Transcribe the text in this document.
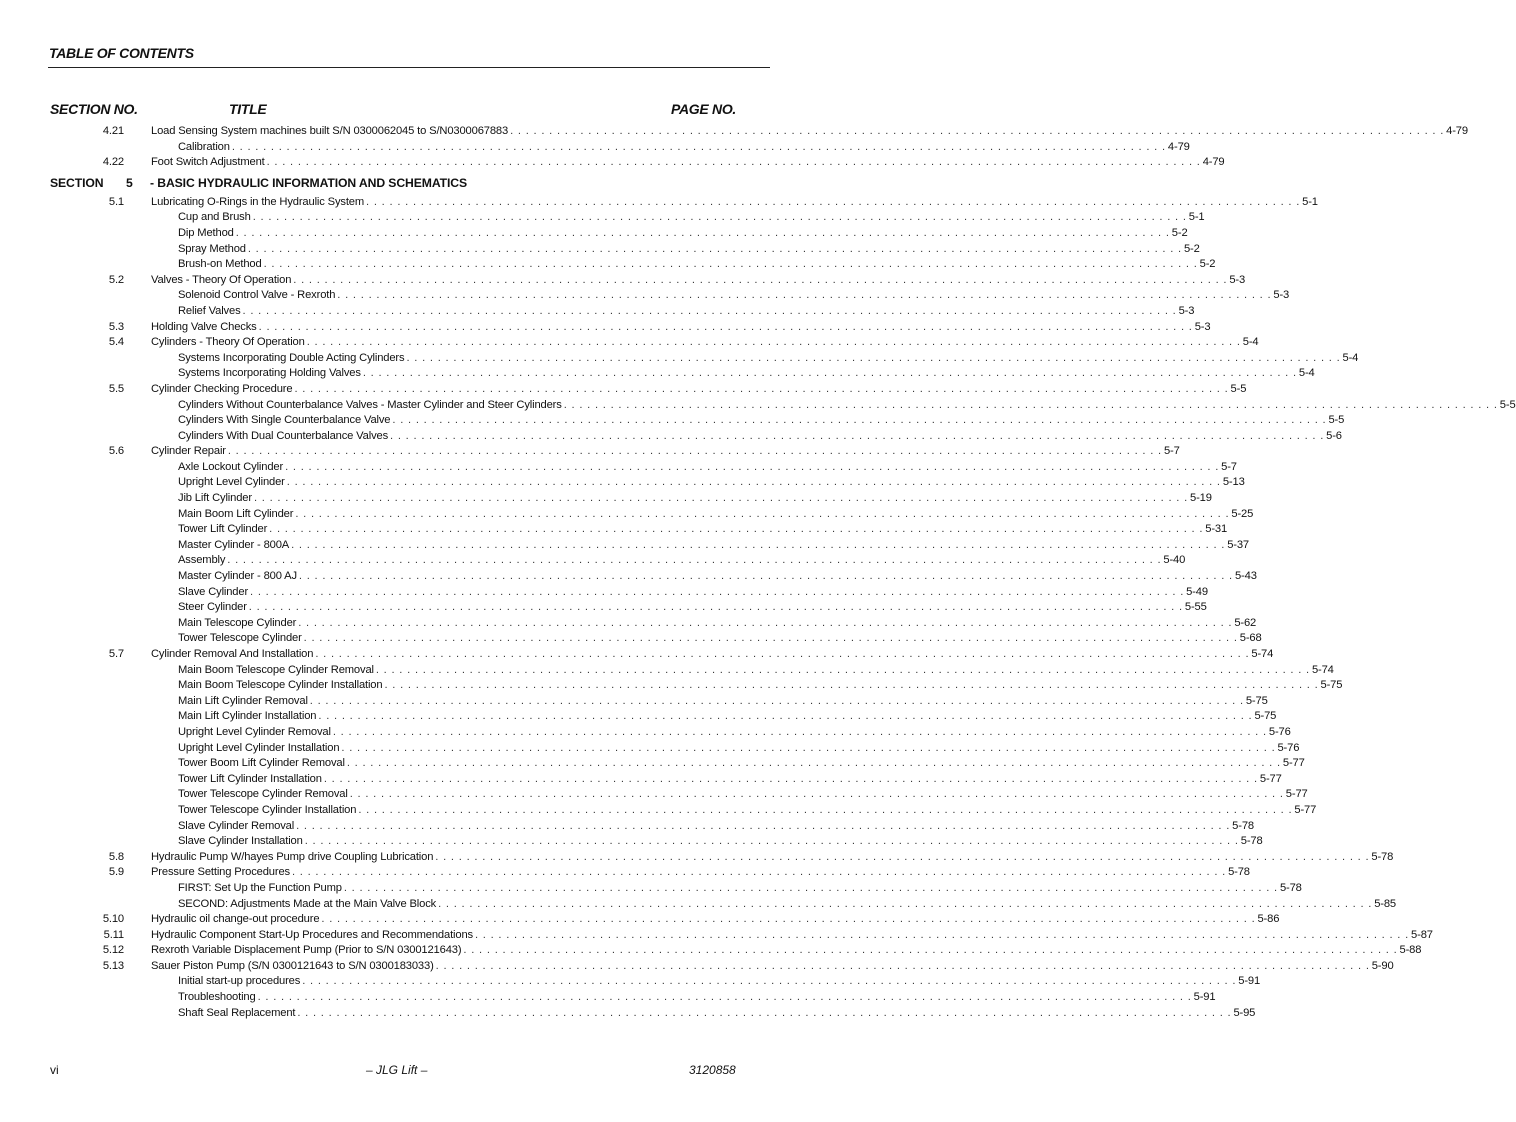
TABLE OF CONTENTS
SECTION NO.	TITLE	PAGE NO.
4.21 Load Sensing System machines built S/N 0300062045 to S/N0300067883 . . . . . . . . . . . . . . . . . . . . . . . . . . . . . . . . . . . . . . . . . . . . . . . . . . . . . . . . . . . . . . . . . . . . . . . . . . . . . . . . . . . . . . . . . . . . . . . . . . . . . . . . . . . . . . . . . . . . . . . . 4-79
Calibration . . . . . . . . . . . . . . . . . . . . . . . . . . . . . . . . . . . . . . . . . . . . . . . . . . . . . . . . . . . . . . . . . . . . . . . . . . . . . . . . . . . . . . . . . . . . . . . . . . . . . . . . . . . . . . . . . . . . . . . . 4-79
4.22 Foot Switch Adjustment . . . . . . . . . . . . . . . . . . . . . . . . . . . . . . . . . . . . . . . . . . . . . . . . . . . . . . . . . . . . . . . . . . . . . . . . . . . . . . . . . . . . . . . . . . . . . . . . . . . . . . . . . . . . . . . . . . . . . . . . 4-79
SECTION 5 - BASIC HYDRAULIC INFORMATION AND SCHEMATICS
5.1 Lubricating O-Rings in the Hydraulic System . . . . . . . . . . . . . . . . . . . . . . . . . . . . . . . . . . . . . . . . . . . . . . . . . . . . . . . . . . . . . . . . . . . . . . . . . . . . . . . . . . . . . . . . . . . . . . . . . . . . . . . . . . . . . . . . . . . . . . . . 5-1
Cup and Brush . . . . . . . . . . . . . . . . . . . . . . . . . . . . . . . . . . . . . . . . . . . . . . . . . . . . . . . . . . . . . . . . . . . . . . . . . . . . . . . . . . . . . . . . . . . . . . . . . . . . . . . . . . . . . . . . . . . . . . . . 5-1
Dip Method . . . . . . . . . . . . . . . . . . . . . . . . . . . . . . . . . . . . . . . . . . . . . . . . . . . . . . . . . . . . . . . . . . . . . . . . . . . . . . . . . . . . . . . . . . . . . . . . . . . . . . . . . . . . . . . . . . . . . . . . 5-2
Spray Method . . . . . . . . . . . . . . . . . . . . . . . . . . . . . . . . . . . . . . . . . . . . . . . . . . . . . . . . . . . . . . . . . . . . . . . . . . . . . . . . . . . . . . . . . . . . . . . . . . . . . . . . . . . . . . . . . . . . . . . . 5-2
Brush-on Method . . . . . . . . . . . . . . . . . . . . . . . . . . . . . . . . . . . . . . . . . . . . . . . . . . . . . . . . . . . . . . . . . . . . . . . . . . . . . . . . . . . . . . . . . . . . . . . . . . . . . . . . . . . . . . . . . . . . . . . . 5-2
5.2 Valves - Theory Of Operation . . . . . . . . . . . . . . . . . . . . . . . . . . . . . . . . . . . . . . . . . . . . . . . . . . . . . . . . . . . . . . . . . . . . . . . . . . . . . . . . . . . . . . . . . . . . . . . . . . . . . . . . . . . . . . . . . . . . . . . . 5-3
Solenoid Control Valve - Rexroth . . . . . . . . . . . . . . . . . . . . . . . . . . . . . . . . . . . . . . . . . . . . . . . . . . . . . . . . . . . . . . . . . . . . . . . . . . . . . . . . . . . . . . . . . . . . . . . . . . . . . . . . . . . . . . . . . . . . . . . . 5-3
Relief Valves . . . . . . . . . . . . . . . . . . . . . . . . . . . . . . . . . . . . . . . . . . . . . . . . . . . . . . . . . . . . . . . . . . . . . . . . . . . . . . . . . . . . . . . . . . . . . . . . . . . . . . . . . . . . . . . . . . . . . . . . 5-3
5.3 Holding Valve Checks . . . . . . . . . . . . . . . . . . . . . . . . . . . . . . . . . . . . . . . . . . . . . . . . . . . . . . . . . . . . . . . . . . . . . . . . . . . . . . . . . . . . . . . . . . . . . . . . . . . . . . . . . . . . . . . . . . . . . . . . 5-3
5.4 Cylinders - Theory Of Operation . . . . . . . . . . . . . . . . . . . . . . . . . . . . . . . . . . . . . . . . . . . . . . . . . . . . . . . . . . . . . . . . . . . . . . . . . . . . . . . . . . . . . . . . . . . . . . . . . . . . . . . . . . . . . . . . . . . . . . . . 5-4
Systems Incorporating Double Acting Cylinders . . . . . . . . . . . . . . . . . . . . . . . . . . . . . . . . . . . . . . . . . . . . . . . . . . . . . . . . . . . . . . . . . . . . . . . . . . . . . . . . . . . . . . . . . . . . . . . . . . . . . . . . . . . . . . . . . . . . . . . . 5-4
Systems Incorporating Holding Valves . . . . . . . . . . . . . . . . . . . . . . . . . . . . . . . . . . . . . . . . . . . . . . . . . . . . . . . . . . . . . . . . . . . . . . . . . . . . . . . . . . . . . . . . . . . . . . . . . . . . . . . . . . . . . . . . . . . . . . . . 5-4
5.5 Cylinder Checking Procedure . . . . . . . . . . . . . . . . . . . . . . . . . . . . . . . . . . . . . . . . . . . . . . . . . . . . . . . . . . . . . . . . . . . . . . . . . . . . . . . . . . . . . . . . . . . . . . . . . . . . . . . . . . . . . . . . . . . . . . . . 5-5
Cylinders Without Counterbalance Valves - Master Cylinder and Steer Cylinders . . . . . . . . . . . . . . . . . . . . . . . . . . . . . . . . . . . . . . . . . . . . . . . . . . . . . . . . . . . . . . . . . . . . . . . . . . . . . . . . . . . . . . . . . . . . . . . . . . . . . . . . . . . . . . . . . . . . . . . . 5-5
Cylinders With Single Counterbalance Valve . . . . . . . . . . . . . . . . . . . . . . . . . . . . . . . . . . . . . . . . . . . . . . . . . . . . . . . . . . . . . . . . . . . . . . . . . . . . . . . . . . . . . . . . . . . . . . . . . . . . . . . . . . . . . . . . . . . . . . . . 5-5
Cylinders With Dual Counterbalance Valves . . . . . . . . . . . . . . . . . . . . . . . . . . . . . . . . . . . . . . . . . . . . . . . . . . . . . . . . . . . . . . . . . . . . . . . . . . . . . . . . . . . . . . . . . . . . . . . . . . . . . . . . . . . . . . . . . . . . . . . . 5-6
5.6 Cylinder Repair . . . . . . . . . . . . . . . . . . . . . . . . . . . . . . . . . . . . . . . . . . . . . . . . . . . . . . . . . . . . . . . . . . . . . . . . . . . . . . . . . . . . . . . . . . . . . . . . . . . . . . . . . . . . . . . . . . . . . . . . 5-7
Axle Lockout Cylinder . . . . . . . . . . . . . . . . . . . . . . . . . . . . . . . . . . . . . . . . . . . . . . . . . . . . . . . . . . . . . . . . . . . . . . . . . . . . . . . . . . . . . . . . . . . . . . . . . . . . . . . . . . . . . . . . . . . . . . . . 5-7
Upright Level Cylinder . . . . . . . . . . . . . . . . . . . . . . . . . . . . . . . . . . . . . . . . . . . . . . . . . . . . . . . . . . . . . . . . . . . . . . . . . . . . . . . . . . . . . . . . . . . . . . . . . . . . . . . . . . . . . . . . . . . . . . . . 5-13
Jib Lift Cylinder . . . . . . . . . . . . . . . . . . . . . . . . . . . . . . . . . . . . . . . . . . . . . . . . . . . . . . . . . . . . . . . . . . . . . . . . . . . . . . . . . . . . . . . . . . . . . . . . . . . . . . . . . . . . . . . . . . . . . . . . 5-19
Main Boom Lift Cylinder . . . . . . . . . . . . . . . . . . . . . . . . . . . . . . . . . . . . . . . . . . . . . . . . . . . . . . . . . . . . . . . . . . . . . . . . . . . . . . . . . . . . . . . . . . . . . . . . . . . . . . . . . . . . . . . . . . . . . . . . 5-25
Tower Lift Cylinder . . . . . . . . . . . . . . . . . . . . . . . . . . . . . . . . . . . . . . . . . . . . . . . . . . . . . . . . . . . . . . . . . . . . . . . . . . . . . . . . . . . . . . . . . . . . . . . . . . . . . . . . . . . . . . . . . . . . . . . . 5-31
Master Cylinder - 800A . . . . . . . . . . . . . . . . . . . . . . . . . . . . . . . . . . . . . . . . . . . . . . . . . . . . . . . . . . . . . . . . . . . . . . . . . . . . . . . . . . . . . . . . . . . . . . . . . . . . . . . . . . . . . . . . . . . . . . . . 5-37
Assembly . . . . . . . . . . . . . . . . . . . . . . . . . . . . . . . . . . . . . . . . . . . . . . . . . . . . . . . . . . . . . . . . . . . . . . . . . . . . . . . . . . . . . . . . . . . . . . . . . . . . . . . . . . . . . . . . . . . . . . . . 5-40
Master Cylinder - 800 AJ . . . . . . . . . . . . . . . . . . . . . . . . . . . . . . . . . . . . . . . . . . . . . . . . . . . . . . . . . . . . . . . . . . . . . . . . . . . . . . . . . . . . . . . . . . . . . . . . . . . . . . . . . . . . . . . . . . . . . . . . 5-43
Slave Cylinder . . . . . . . . . . . . . . . . . . . . . . . . . . . . . . . . . . . . . . . . . . . . . . . . . . . . . . . . . . . . . . . . . . . . . . . . . . . . . . . . . . . . . . . . . . . . . . . . . . . . . . . . . . . . . . . . . . . . . . . . 5-49
Steer Cylinder . . . . . . . . . . . . . . . . . . . . . . . . . . . . . . . . . . . . . . . . . . . . . . . . . . . . . . . . . . . . . . . . . . . . . . . . . . . . . . . . . . . . . . . . . . . . . . . . . . . . . . . . . . . . . . . . . . . . . . . . 5-55
Main Telescope Cylinder . . . . . . . . . . . . . . . . . . . . . . . . . . . . . . . . . . . . . . . . . . . . . . . . . . . . . . . . . . . . . . . . . . . . . . . . . . . . . . . . . . . . . . . . . . . . . . . . . . . . . . . . . . . . . . . . . . . . . . . . 5-62
Tower Telescope Cylinder . . . . . . . . . . . . . . . . . . . . . . . . . . . . . . . . . . . . . . . . . . . . . . . . . . . . . . . . . . . . . . . . . . . . . . . . . . . . . . . . . . . . . . . . . . . . . . . . . . . . . . . . . . . . . . . . . . . . . . . . 5-68
5.7 Cylinder Removal And Installation . . . . . . . . . . . . . . . . . . . . . . . . . . . . . . . . . . . . . . . . . . . . . . . . . . . . . . . . . . . . . . . . . . . . . . . . . . . . . . . . . . . . . . . . . . . . . . . . . . . . . . . . . . . . . . . . . . . . . . . . 5-74
Main Boom Telescope Cylinder Removal . . . . . . . . . . . . . . . . . . . . . . . . . . . . . . . . . . . . . . . . . . . . . . . . . . . . . . . . . . . . . . . . . . . . . . . . . . . . . . . . . . . . . . . . . . . . . . . . . . . . . . . . . . . . . . . . . . . . . . . . 5-74
Main Boom Telescope Cylinder Installation . . . . . . . . . . . . . . . . . . . . . . . . . . . . . . . . . . . . . . . . . . . . . . . . . . . . . . . . . . . . . . . . . . . . . . . . . . . . . . . . . . . . . . . . . . . . . . . . . . . . . . . . . . . . . . . . . . . . . . . . 5-75
Main Lift Cylinder Removal . . . . . . . . . . . . . . . . . . . . . . . . . . . . . . . . . . . . . . . . . . . . . . . . . . . . . . . . . . . . . . . . . . . . . . . . . . . . . . . . . . . . . . . . . . . . . . . . . . . . . . . . . . . . . . . . . . . . . . . . 5-75
Main Lift Cylinder Installation . . . . . . . . . . . . . . . . . . . . . . . . . . . . . . . . . . . . . . . . . . . . . . . . . . . . . . . . . . . . . . . . . . . . . . . . . . . . . . . . . . . . . . . . . . . . . . . . . . . . . . . . . . . . . . . . . . . . . . . . 5-75
Upright Level Cylinder Removal . . . . . . . . . . . . . . . . . . . . . . . . . . . . . . . . . . . . . . . . . . . . . . . . . . . . . . . . . . . . . . . . . . . . . . . . . . . . . . . . . . . . . . . . . . . . . . . . . . . . . . . . . . . . . . . . . . . . . . . . 5-76
Upright Level Cylinder Installation . . . . . . . . . . . . . . . . . . . . . . . . . . . . . . . . . . . . . . . . . . . . . . . . . . . . . . . . . . . . . . . . . . . . . . . . . . . . . . . . . . . . . . . . . . . . . . . . . . . . . . . . . . . . . . . . . . . . . . . . 5-76
Tower Boom Lift Cylinder Removal . . . . . . . . . . . . . . . . . . . . . . . . . . . . . . . . . . . . . . . . . . . . . . . . . . . . . . . . . . . . . . . . . . . . . . . . . . . . . . . . . . . . . . . . . . . . . . . . . . . . . . . . . . . . . . . . . . . . . . . . 5-77
Tower Lift Cylinder Installation . . . . . . . . . . . . . . . . . . . . . . . . . . . . . . . . . . . . . . . . . . . . . . . . . . . . . . . . . . . . . . . . . . . . . . . . . . . . . . . . . . . . . . . . . . . . . . . . . . . . . . . . . . . . . . . . . . . . . . . . 5-77
Tower Telescope Cylinder Removal . . . . . . . . . . . . . . . . . . . . . . . . . . . . . . . . . . . . . . . . . . . . . . . . . . . . . . . . . . . . . . . . . . . . . . . . . . . . . . . . . . . . . . . . . . . . . . . . . . . . . . . . . . . . . . . . . . . . . . . . 5-77
Tower Telescope Cylinder Installation . . . . . . . . . . . . . . . . . . . . . . . . . . . . . . . . . . . . . . . . . . . . . . . . . . . . . . . . . . . . . . . . . . . . . . . . . . . . . . . . . . . . . . . . . . . . . . . . . . . . . . . . . . . . . . . . . . . . . . . . 5-77
Slave Cylinder Removal . . . . . . . . . . . . . . . . . . . . . . . . . . . . . . . . . . . . . . . . . . . . . . . . . . . . . . . . . . . . . . . . . . . . . . . . . . . . . . . . . . . . . . . . . . . . . . . . . . . . . . . . . . . . . . . . . . . . . . . . 5-78
Slave Cylinder Installation . . . . . . . . . . . . . . . . . . . . . . . . . . . . . . . . . . . . . . . . . . . . . . . . . . . . . . . . . . . . . . . . . . . . . . . . . . . . . . . . . . . . . . . . . . . . . . . . . . . . . . . . . . . . . . . . . . . . . . . . 5-78
5.8 Hydraulic Pump W/hayes Pump drive Coupling Lubrication . . . . . . . . . . . . . . . . . . . . . . . . . . . . . . . . . . . . . . . . . . . . . . . . . . . . . . . . . . . . . . . . . . . . . . . . . . . . . . . . . . . . . . . . . . . . . . . . . . . . . . . . . . . . . . . . . . . . . . . . 5-78
5.9 Pressure Setting Procedures . . . . . . . . . . . . . . . . . . . . . . . . . . . . . . . . . . . . . . . . . . . . . . . . . . . . . . . . . . . . . . . . . . . . . . . . . . . . . . . . . . . . . . . . . . . . . . . . . . . . . . . . . . . . . . . . . . . . . . . . 5-78
FIRST: Set Up the Function Pump . . . . . . . . . . . . . . . . . . . . . . . . . . . . . . . . . . . . . . . . . . . . . . . . . . . . . . . . . . . . . . . . . . . . . . . . . . . . . . . . . . . . . . . . . . . . . . . . . . . . . . . . . . . . . . . . . . . . . . . . 5-78
SECOND: Adjustments Made at the Main Valve Block . . . . . . . . . . . . . . . . . . . . . . . . . . . . . . . . . . . . . . . . . . . . . . . . . . . . . . . . . . . . . . . . . . . . . . . . . . . . . . . . . . . . . . . . . . . . . . . . . . . . . . . . . . . . . . . . . . . . . . . . 5-85
5.10 Hydraulic oil change-out procedure . . . . . . . . . . . . . . . . . . . . . . . . . . . . . . . . . . . . . . . . . . . . . . . . . . . . . . . . . . . . . . . . . . . . . . . . . . . . . . . . . . . . . . . . . . . . . . . . . . . . . . . . . . . . . . . . . . . . . . . . 5-86
5.11 Hydraulic Component Start-Up Procedures and Recommendations . . . . . . . . . . . . . . . . . . . . . . . . . . . . . . . . . . . . . . . . . . . . . . . . . . . . . . . . . . . . . . . . . . . . . . . . . . . . . . . . . . . . . . . . . . . . . . . . . . . . . . . . . . . . . . . . . . . . . . . . 5-87
5.12 Rexroth Variable Displacement Pump (Prior to S/N 0300121643) . . . . . . . . . . . . . . . . . . . . . . . . . . . . . . . . . . . . . . . . . . . . . . . . . . . . . . . . . . . . . . . . . . . . . . . . . . . . . . . . . . . . . . . . . . . . . . . . . . . . . . . . . . . . . . . . . . . . . . . . 5-88
5.13 Sauer Piston Pump (S/N 0300121643 to S/N 0300183033) . . . . . . . . . . . . . . . . . . . . . . . . . . . . . . . . . . . . . . . . . . . . . . . . . . . . . . . . . . . . . . . . . . . . . . . . . . . . . . . . . . . . . . . . . . . . . . . . . . . . . . . . . . . . . . . . . . . . . . . . 5-90
Initial start-up procedures . . . . . . . . . . . . . . . . . . . . . . . . . . . . . . . . . . . . . . . . . . . . . . . . . . . . . . . . . . . . . . . . . . . . . . . . . . . . . . . . . . . . . . . . . . . . . . . . . . . . . . . . . . . . . . . . . . . . . . . . 5-91
Troubleshooting . . . . . . . . . . . . . . . . . . . . . . . . . . . . . . . . . . . . . . . . . . . . . . . . . . . . . . . . . . . . . . . . . . . . . . . . . . . . . . . . . . . . . . . . . . . . . . . . . . . . . . . . . . . . . . . . . . . . . . . . 5-91
Shaft Seal Replacement . . . . . . . . . . . . . . . . . . . . . . . . . . . . . . . . . . . . . . . . . . . . . . . . . . . . . . . . . . . . . . . . . . . . . . . . . . . . . . . . . . . . . . . . . . . . . . . . . . . . . . . . . . . . . . . . . . . . . . . . 5-95
vi	– JLG Lift –	3120858
